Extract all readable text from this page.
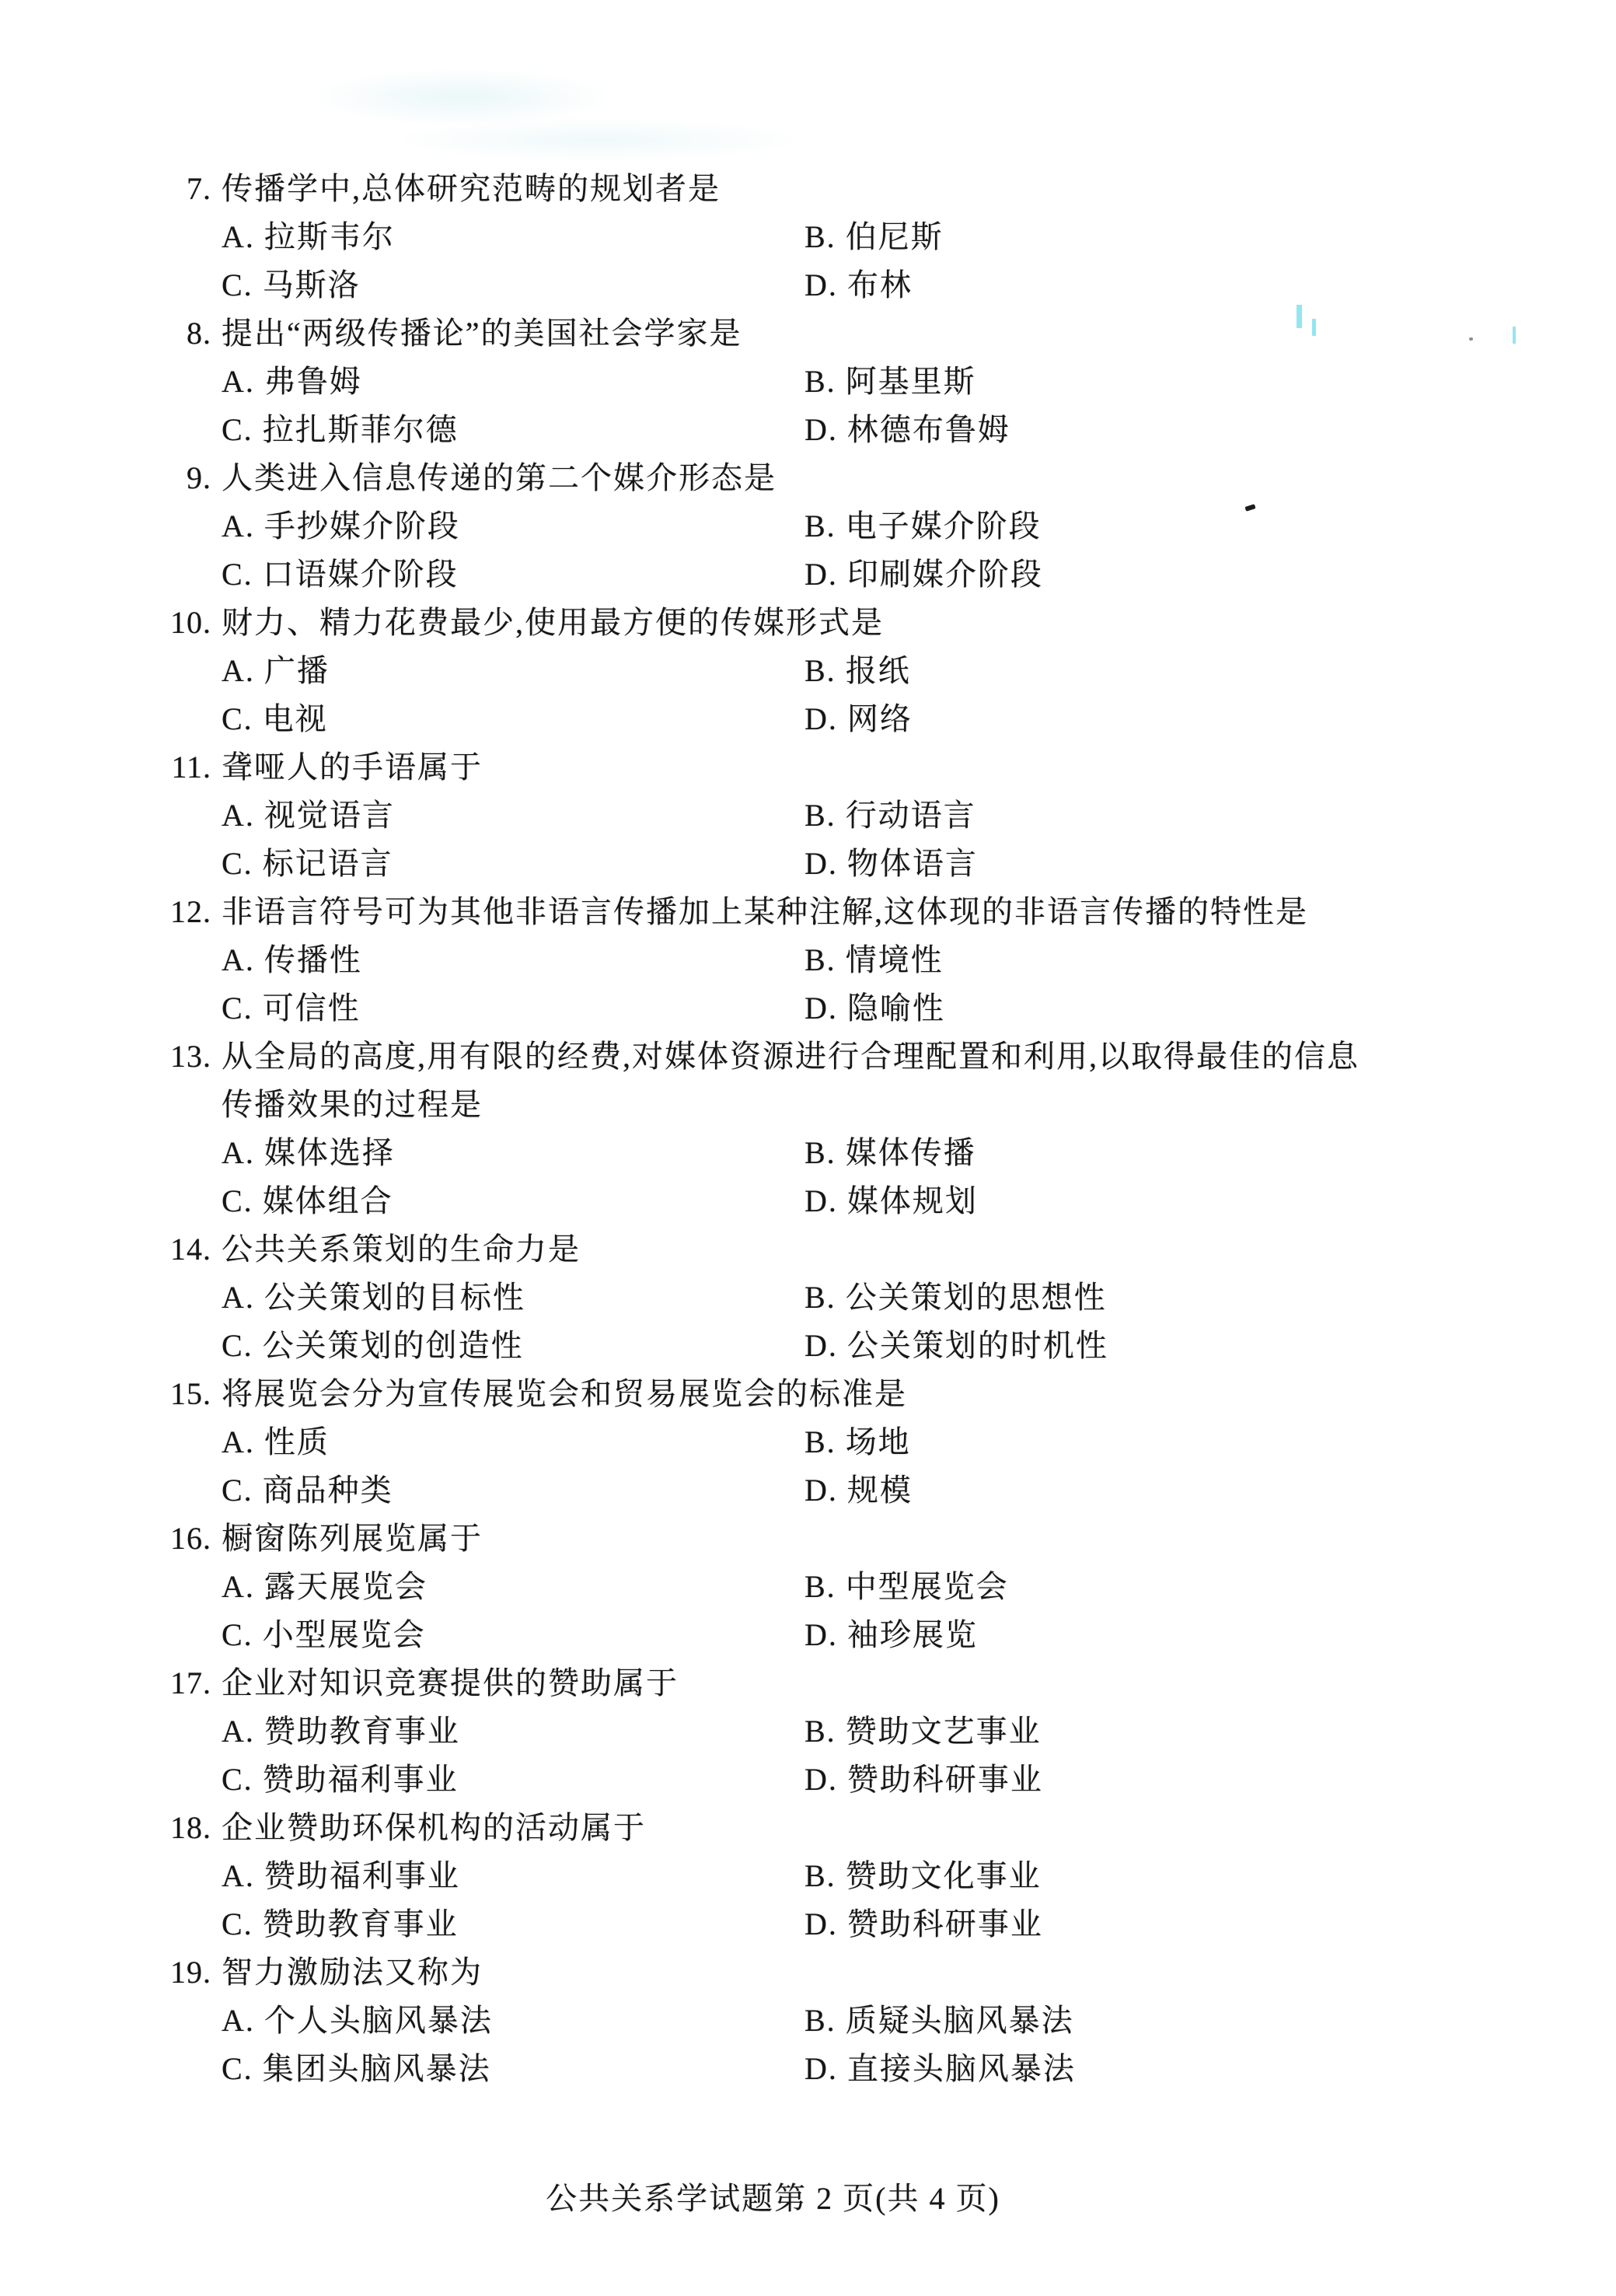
7. 传播学中,总体研究范畴的规划者是
A. 拉斯韦尔	B. 伯尼斯
C. 马斯洛	D. 布林
8. 提出“两级传播论”的美国社会学家是
A. 弗鲁姆	B. 阿基里斯
C. 拉扎斯菲尔德	D. 林德布鲁姆
9. 人类进入信息传递的第二个媒介形态是
A. 手抄媒介阶段	B. 电子媒介阶段
C. 口语媒介阶段	D. 印刷媒介阶段
10. 财力、精力花费最少,使用最方便的传媒形式是
A. 广播	B. 报纸
C. 电视	D. 网络
11. 聋哑人的手语属于
A. 视觉语言	B. 行动语言
C. 标记语言	D. 物体语言
12. 非语言符号可为其他非语言传播加上某种注解,这体现的非语言传播的特性是
A. 传播性	B. 情境性
C. 可信性	D. 隐喻性
13. 从全局的高度,用有限的经费,对媒体资源进行合理配置和利用,以取得最佳的信息
传播效果的过程是
A. 媒体选择	B. 媒体传播
C. 媒体组合	D. 媒体规划
14. 公共关系策划的生命力是
A. 公关策划的目标性	B. 公关策划的思想性
C. 公关策划的创造性	D. 公关策划的时机性
15. 将展览会分为宣传展览会和贸易展览会的标准是
A. 性质	B. 场地
C. 商品种类	D. 规模
16. 橱窗陈列展览属于
A. 露天展览会	B. 中型展览会
C. 小型展览会	D. 袖珍展览
17. 企业对知识竞赛提供的赞助属于
A. 赞助教育事业	B. 赞助文艺事业
C. 赞助福利事业	D. 赞助科研事业
18. 企业赞助环保机构的活动属于
A. 赞助福利事业	B. 赞助文化事业
C. 赞助教育事业	D. 赞助科研事业
19. 智力激励法又称为
A. 个人头脑风暴法	B. 质疑头脑风暴法
C. 集团头脑风暴法	D. 直接头脑风暴法
公共关系学试题第 2 页(共 4 页)
